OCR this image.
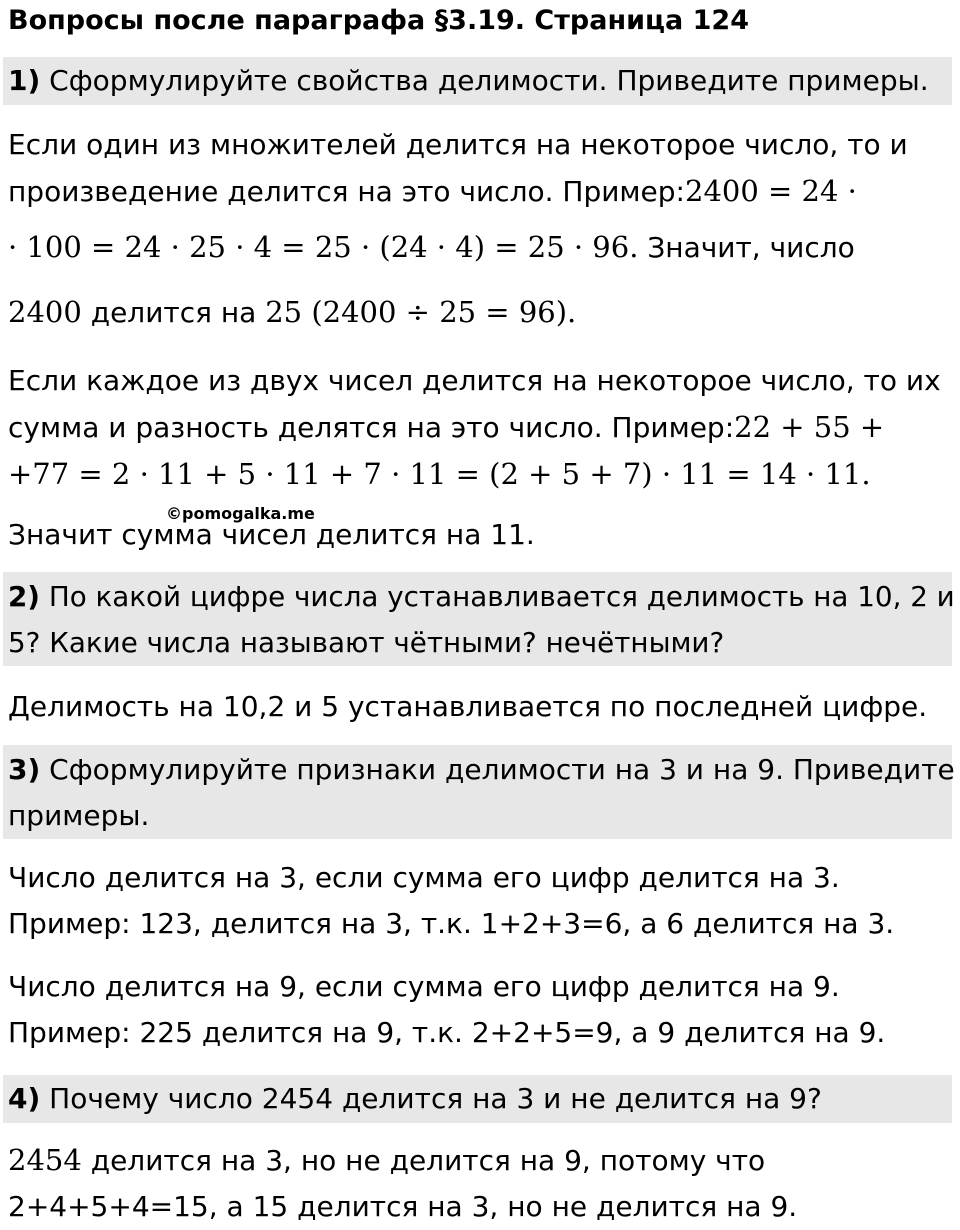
Вопросы после параграфа §3.19. Страница 124
1) Сформулируйте свойства делимости. Приведите примеры.
Если один из множителей делится на некоторое число, то и
произведение делится на это число. Пример:2400 = 24 ·
· 100 = 24 · 25 · 4 = 25 · (24 · 4) = 25 · 96. Значит, число
2400 делится на 25 (2400 ÷ 25 = 96).
Если каждое из двух чисел делится на некоторое число, то их
сумма и разность делятся на это число. Пример:22 + 55 +
+77 = 2 · 11 + 5 · 11 + 7 · 11 = (2 + 5 + 7) · 11 = 14 · 11.
©pomogalka.me
Значит сумма чисел делится на 11.
2) По какой цифре числа устанавливается делимость на 10, 2 и
5? Какие числа называют чётными? нечётными?
Делимость на 10,2 и 5 устанавливается по последней цифре.
3) Сформулируйте признаки делимости на 3 и на 9. Приведите
примеры.
Число делится на 3, если сумма его цифр делится на 3.
Пример: 123, делится на 3, т.к. 1+2+3=6, а 6 делится на 3.
Число делится на 9, если сумма его цифр делится на 9.
Пример: 225 делится на 9, т.к. 2+2+5=9, а 9 делится на 9.
4) Почему число 2454 делится на 3 и не делится на 9?
2454 делится на 3, но не делится на 9, потому что
2+4+5+4=15, а 15 делится на 3, но не делится на 9.
